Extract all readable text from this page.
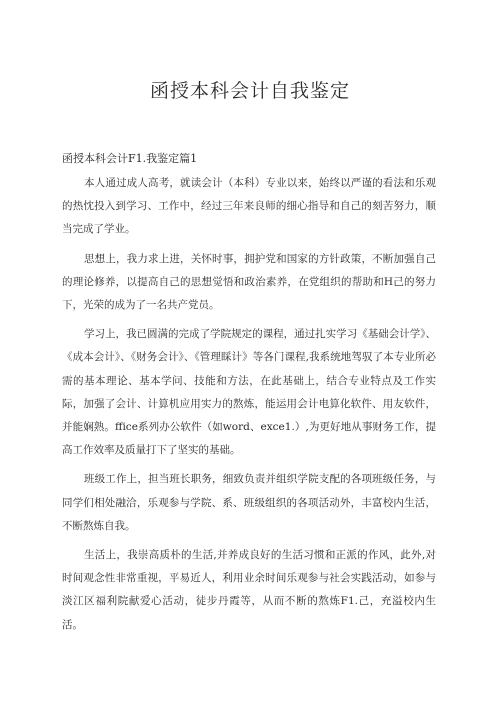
函授本科会计自我鉴定

函授本科会计F1.我鉴定篇1

本人通过成人高考，就读会计（本科）专业以来，始终以严谨的看法和乐观的热忱投入到学习、工作中，经过三年来良师的细心指导和自己的刻苦努力，顺当完成了学业。

思想上，我力求上进，关怀时事，拥护党和国家的方针政策，不断加强自己的理论修养，以提高自己的思想觉悟和政治素养，在党组织的帮助和H己的努力下，光荣的成为了一名共产党员。

学习上，我已圆满的完成了学院规定的课程，通过扎实学习《基础会计学》、《成本会计》、《财务会计》、《管理睬计》等各门课程,我系统地驾驭了本专业所必需的基本理论、基本学问、技能和方法，在此基础上，结合专业特点及工作实际，加强了会计、计算机应用实力的熬炼，能运用会计电算化软件、用友软件，并能娴熟。ffice系列办公软件（如word、exce1.）,为更好地从事财务工作，提高工作效率及质量打下了坚实的基础。

班级工作上，担当班长职务，细致负责并组织学院支配的各项班级任务，与同学们相处融洽，乐观参与学院、系、班级组织的各项活动外，丰富校内生活，不断熬炼自我。

生活上，我崇高质朴的生活,并养成良好的生活习惯和正派的作风，此外,对时间观念性非常重视，平易近人，利用业余时间乐观参与社会实践活动，如参与淡江区福利院献爱心活动，徒步丹霞等，从而不断的熬炼F1.己，充溢校内生活。
